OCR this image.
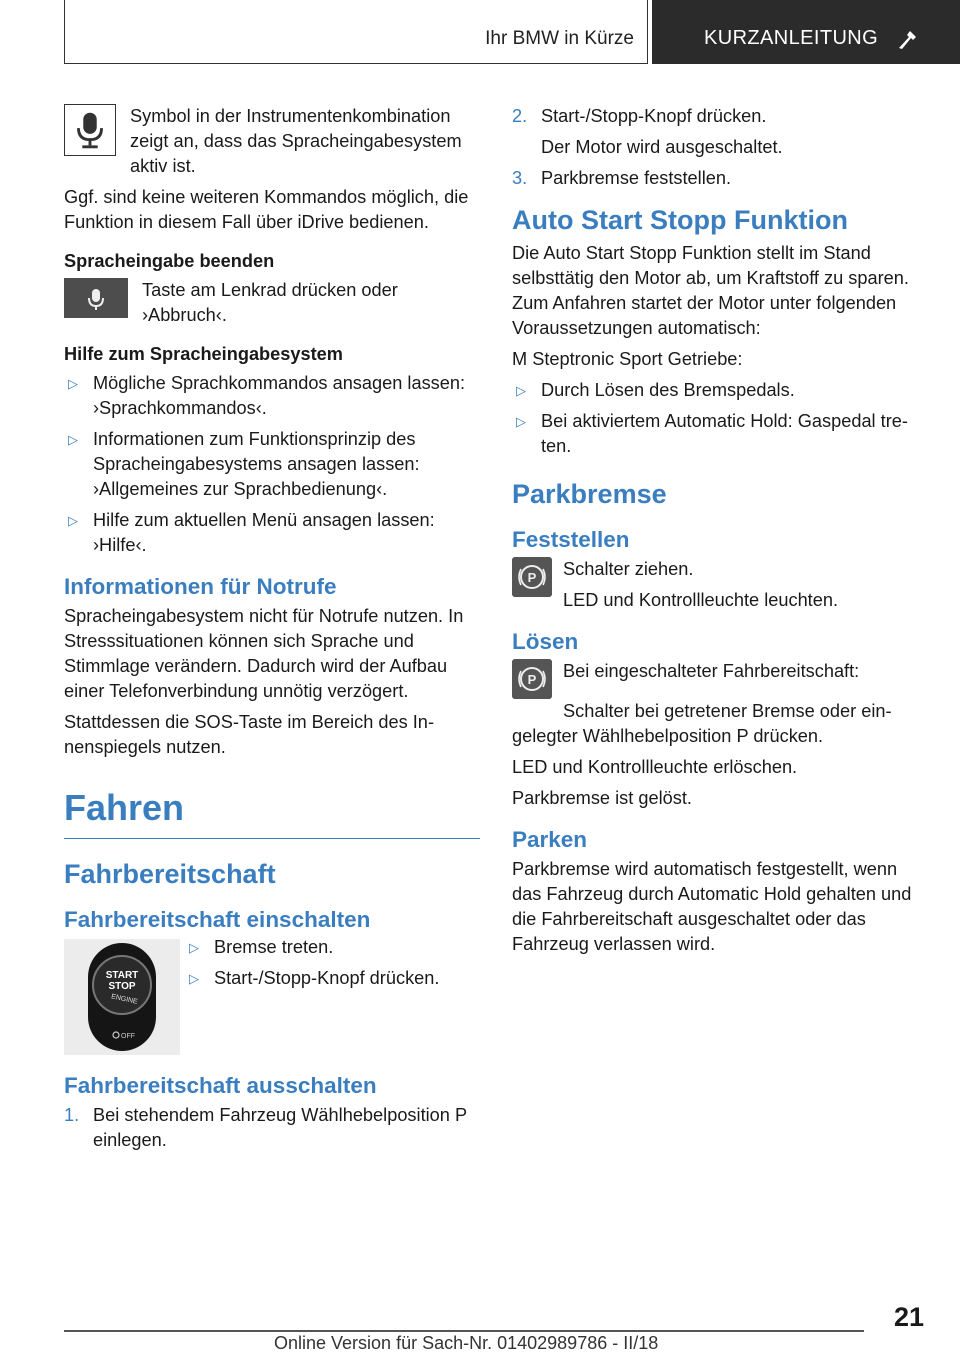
Ihr BMW in Kürze	KURZANLEITUNG

Symbol in der Instrumentenkombination zeigt an, dass das Spracheingabesystem aktiv ist.

Ggf. sind keine weiteren Kommandos möglich, die Funktion in diesem Fall über iDrive bedienen.

Spracheingabe beenden

Taste am Lenkrad drücken oder ›Abbruch‹.

Hilfe zum Spracheingabesystem

▷ Mögliche Sprachkommandos ansagen lassen: ›Sprachkommandos‹.
▷ Informationen zum Funktionsprinzip des Spracheingabesystems ansagen lassen: ›Allgemeines zur Sprachbedienung‹.
▷ Hilfe zum aktuellen Menü ansagen lassen: ›Hilfe‹.

Informationen für Notrufe

Spracheingabesystem nicht für Notrufe nutzen. In Stresssituationen können sich Sprache und Stimmlage verändern. Dadurch wird der Aufbau einer Telefonverbindung unnötig verzögert.

Stattdessen die SOS-Taste im Bereich des Innenspiegels nutzen.

Fahren

Fahrbereitschaft

Fahrbereitschaft einschalten

START
STOP
ENGINE
OFF
▷ Bremse treten.
▷ Start-/Stopp-Knopf drücken.

Fahrbereitschaft ausschalten

1. Bei stehendem Fahrzeug Wählhebelposition P einlegen.
2. Start-/Stopp-Knopf drücken.
Der Motor wird ausgeschaltet.
3. Parkbremse feststellen.

Auto Start Stopp Funktion

Die Auto Start Stopp Funktion stellt im Stand selbsttätig den Motor ab, um Kraftstoff zu sparen. Zum Anfahren startet der Motor unter folgenden Voraussetzungen automatisch:

M Steptronic Sport Getriebe:

▷ Durch Lösen des Bremspedals.
▷ Bei aktiviertem Automatic Hold: Gaspedal treten.

Parkbremse

Feststellen

P Schalter ziehen.

LED und Kontrollleuchte leuchten.

Lösen

P Bei eingeschalteter Fahrbereitschaft:

Schalter bei getretener Bremse oder eingelegter Wählhebelposition P drücken.

LED und Kontrollleuchte erlöschen.

Parkbremse ist gelöst.

Parken

Parkbremse wird automatisch festgestellt, wenn das Fahrzeug durch Automatic Hold gehalten und die Fahrbereitschaft ausgeschaltet oder das Fahrzeug verlassen wird.

21
Online Version für Sach-Nr. 01402989786 - II/18
